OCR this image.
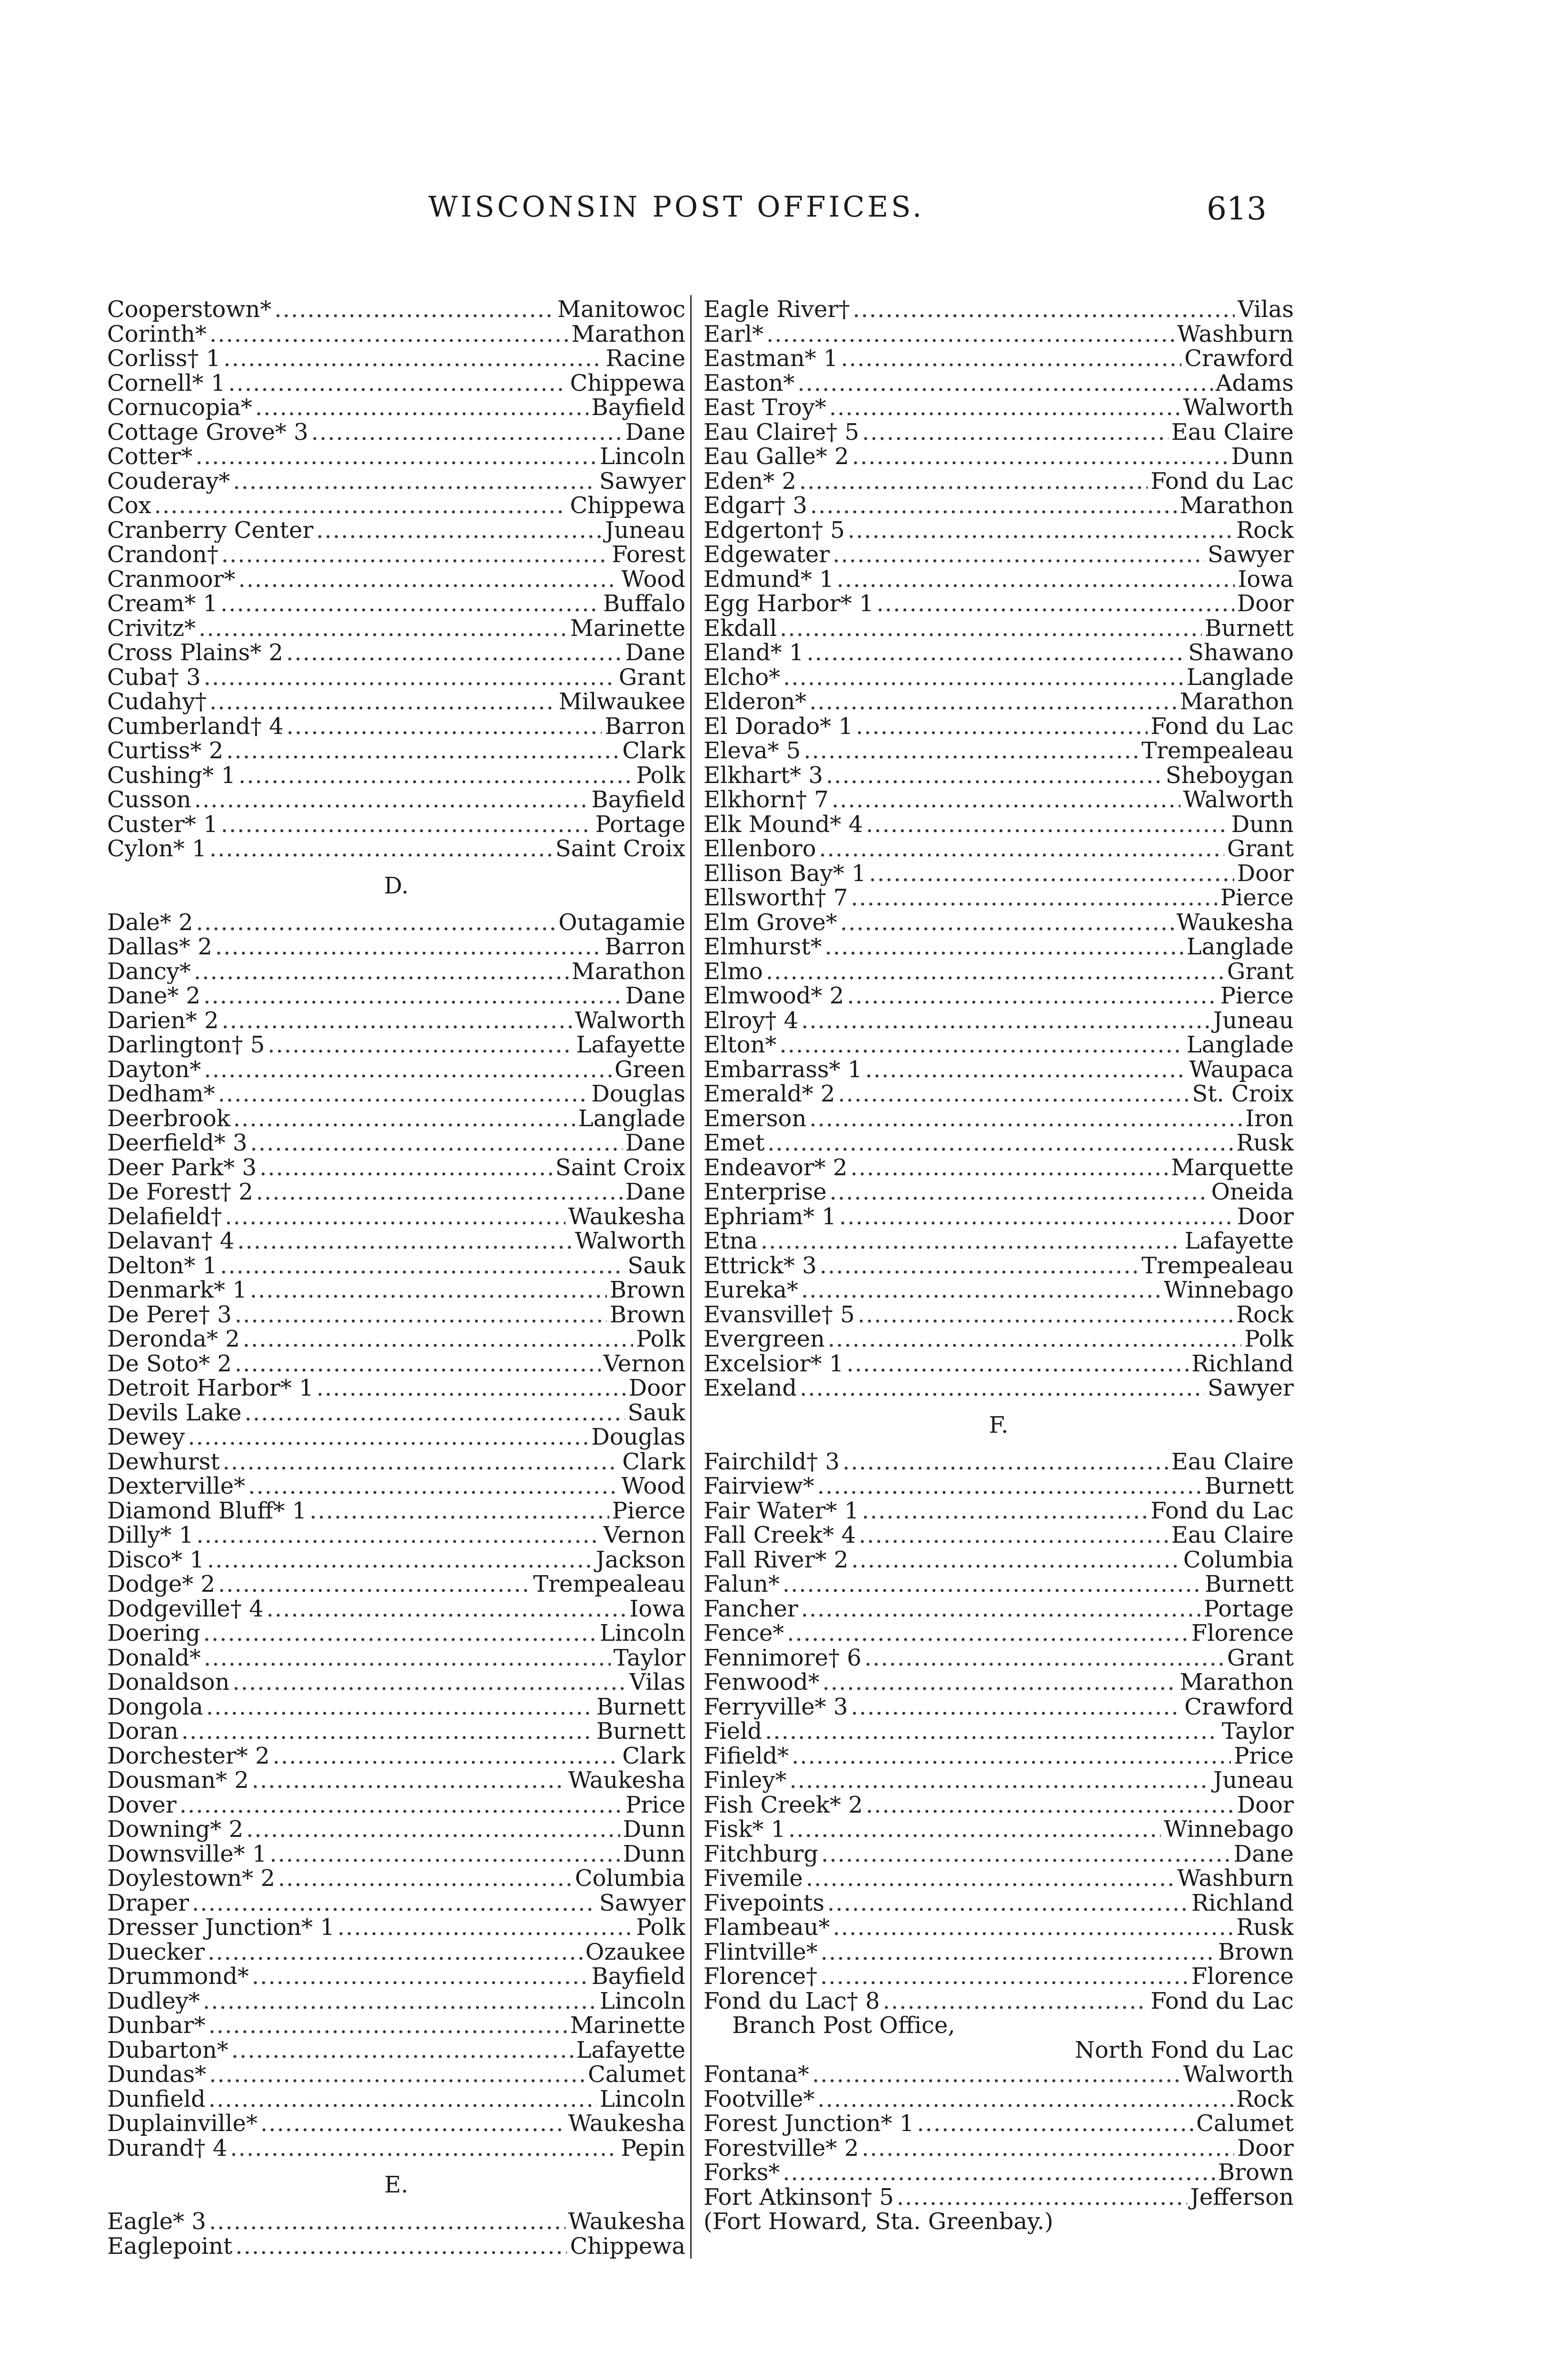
WISCONSIN POST OFFICES.	613
Cooperstown* .....	Manitowoc
Corinth* .....	Marathon
Corliss† 1 .....	Racine
Cornell* 1 .....	Chippewa
Cornucopia* .....	Bayfield
Cottage Grove* 3 .....	Dane
Cotter* .....	Lincoln
Couderay* .....	Sawyer
Cox .....	Chippewa
Cranberry Center .....	Juneau
Crandon† .....	Forest
Cranmoor* .....	Wood
Cream* 1 .....	Buffalo
Crivitz* .....	Marinette
Cross Plains* 2 .....	Dane
Cuba† 3 .....	Grant
Cudahy† .....	Milwaukee
Cumberland† 4 .....	Barron
Curtiss* 2 .....	Clark
Cushing* 1 .....	Polk
Cusson .....	Bayfield
Custer* 1 .....	Portage
Cylon* 1 .....	Saint Croix
D.
Dale* 2 .....	Outagamie
Dallas* 2 .....	Barron
Dancy* .....	Marathon
Dane* 2 .....	Dane
Darien* 2 .....	Walworth
Darlington† 5 .....	Lafayette
Dayton* .....	Green
Dedham* .....	Douglas
Deerbrook .....	Langlade
Deerfield* 3 .....	Dane
Deer Park* 3 .....	Saint Croix
De Forest† 2 .....	Dane
Delafield† .....	Waukesha
Delavan† 4 .....	Walworth
Delton* 1 .....	Sauk
Denmark* 1 .....	Brown
De Pere† 3 .....	Brown
Deronda* 2 .....	Polk
De Soto* 2 .....	Vernon
Detroit Harbor* 1 .....	Door
Devils Lake .....	Sauk
Dewey .....	Douglas
Dewhurst .....	Clark
Dexterville* .....	Wood
Diamond Bluff* 1 .....	Pierce
Dilly* 1 .....	Vernon
Disco* 1 .....	Jackson
Dodge* 2 .....	Trempealeau
Dodgeville† 4 .....	Iowa
Doering .....	Lincoln
Donald* .....	Taylor
Donaldson .....	Vilas
Dongola .....	Burnett
Doran .....	Burnett
Dorchester* 2 .....	Clark
Dousman* 2 .....	Waukesha
Dover .....	Price
Downing* 2 .....	Dunn
Downsville* 1 .....	Dunn
Doylestown* 2 .....	Columbia
Draper .....	Sawyer
Dresser Junction* 1 .....	Polk
Duecker .....	Ozaukee
Drummond* .....	Bayfield
Dudley* .....	Lincoln
Dunbar* .....	Marinette
Dubarton* .....	Lafayette
Dundas* .....	Calumet
Dunfield .....	Lincoln
Duplainville* .....	Waukesha
Durand† 4 .....	Pepin
E.
Eagle* 3 .....	Waukesha
Eaglepoint .....	Chippewa
Eagle River† .....	Vilas
Earl* .....	Washburn
Eastman* 1 .....	Crawford
Easton* .....	Adams
East Troy* .....	Walworth
Eau Claire† 5 .....	Eau Claire
Eau Galle* 2 .....	Dunn
Eden* 2 .....	Fond du Lac
Edgar† 3 .....	Marathon
Edgerton† 5 .....	Rock
Edgewater .....	Sawyer
Edmund* 1 .....	Iowa
Egg Harbor* 1 .....	Door
Ekdall .....	Burnett
Eland* 1 .....	Shawano
Elcho* .....	Langlade
Elderon* .....	Marathon
El Dorado* 1 .....	Fond du Lac
Eleva* 5 .....	Trempealeau
Elkhart* 3 .....	Sheboygan
Elkhorn† 7 .....	Walworth
Elk Mound* 4 .....	Dunn
Ellenboro .....	Grant
Ellison Bay* 1 .....	Door
Ellsworth† 7 .....	Pierce
Elm Grove* .....	Waukesha
Elmhurst* .....	Langlade
Elmo .....	Grant
Elmwood* 2 .....	Pierce
Elroy† 4 .....	Juneau
Elton* .....	Langlade
Embarrass* 1 .....	Waupaca
Emerald* 2 .....	St. Croix
Emerson .....	Iron
Emet .....	Rusk
Endeavor* 2 .....	Marquette
Enterprise .....	Oneida
Ephriam* 1 .....	Door
Etna .....	Lafayette
Ettrick* 3 .....	Trempealeau
Eureka* .....	Winnebago
Evansville† 5 .....	Rock
Evergreen .....	Polk
Excelsior* 1 .....	Richland
Exeland .....	Sawyer
F.
Fairchild† 3 .....	Eau Claire
Fairview* .....	Burnett
Fair Water* 1 .....	Fond du Lac
Fall Creek* 4 .....	Eau Claire
Fall River* 2 .....	Columbia
Falun* .....	Burnett
Fancher .....	Portage
Fence* .....	Florence
Fennimore† 6 .....	Grant
Fenwood* .....	Marathon
Ferryville* 3 .....	Crawford
Field .....	Taylor
Fifield* .....	Price
Finley* .....	Juneau
Fish Creek* 2 .....	Door
Fisk* 1 .....	Winnebago
Fitchburg .....	Dane
Fivemile .....	Washburn
Fivepoints .....	Richland
Flambeau* .....	Rusk
Flintville* .....	Brown
Florence† .....	Florence
Fond du Lac† 8 .....	Fond du Lac
Branch Post Office,
North Fond du Lac
Fontana* .....	Walworth
Footville* .....	Rock
Forest Junction* 1 .....	Calumet
Forestville* 2 .....	Door
Forks* .....	Brown
Fort Atkinson† 5 .....	Jefferson
(Fort Howard, Sta. Greenbay.)
